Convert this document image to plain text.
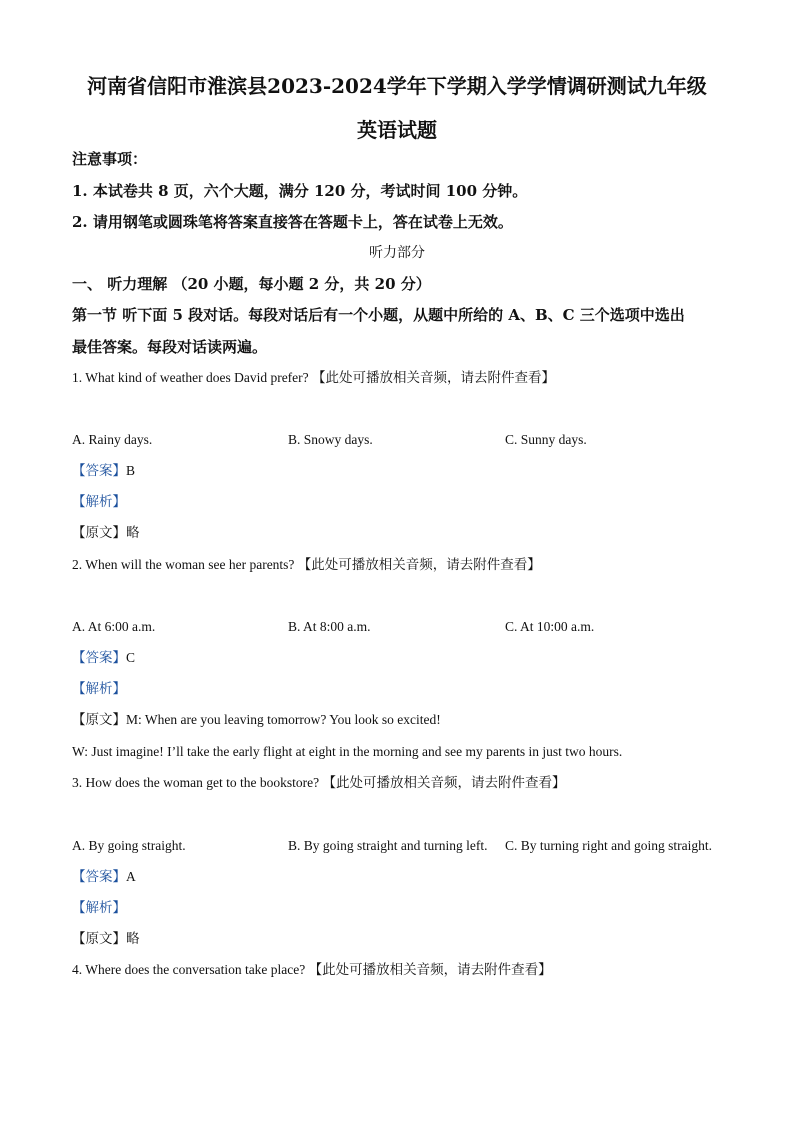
河南省信阳市淮滨县2023-2024学年下学期入学学情调研测试九年级
英语试题
注意事项：
1. 本试卷共 8 页，六个大题，满分 120 分，考试时间 100 分钟。
2. 请用钢笔或圆珠笔将答案直接答在答题卡上，答在试卷上无效。
听力部分
一、 听力理解 （20 小题，每小题 2 分，共 20 分）
第一节 听下面 5 段对话。每段对话后有一个小题，从题中所给的 A、B、C 三个选项中选出
最佳答案。每段对话读两遍。
1. What kind of weather does David prefer? 【此处可播放相关音频，请去附件查看】
A. Rainy days.	B. Snowy days.	C. Sunny days.
【答案】B
【解析】
【原文】略
2. When will the woman see her parents? 【此处可播放相关音频，请去附件查看】
A. At 6:00 a.m.	B. At 8:00 a.m.	C. At 10:00 a.m.
【答案】C
【解析】
【原文】M: When are you leaving tomorrow? You look so excited!
W: Just imagine! I’ll take the early flight at eight in the morning and see my parents in just two hours.
3. How does the woman get to the bookstore? 【此处可播放相关音频，请去附件查看】
A. By going straight.	B. By going straight and turning left. C. By turning right and going straight.
【答案】A
【解析】
【原文】略
4. Where does the conversation take place? 【此处可播放相关音频，请去附件查看】
